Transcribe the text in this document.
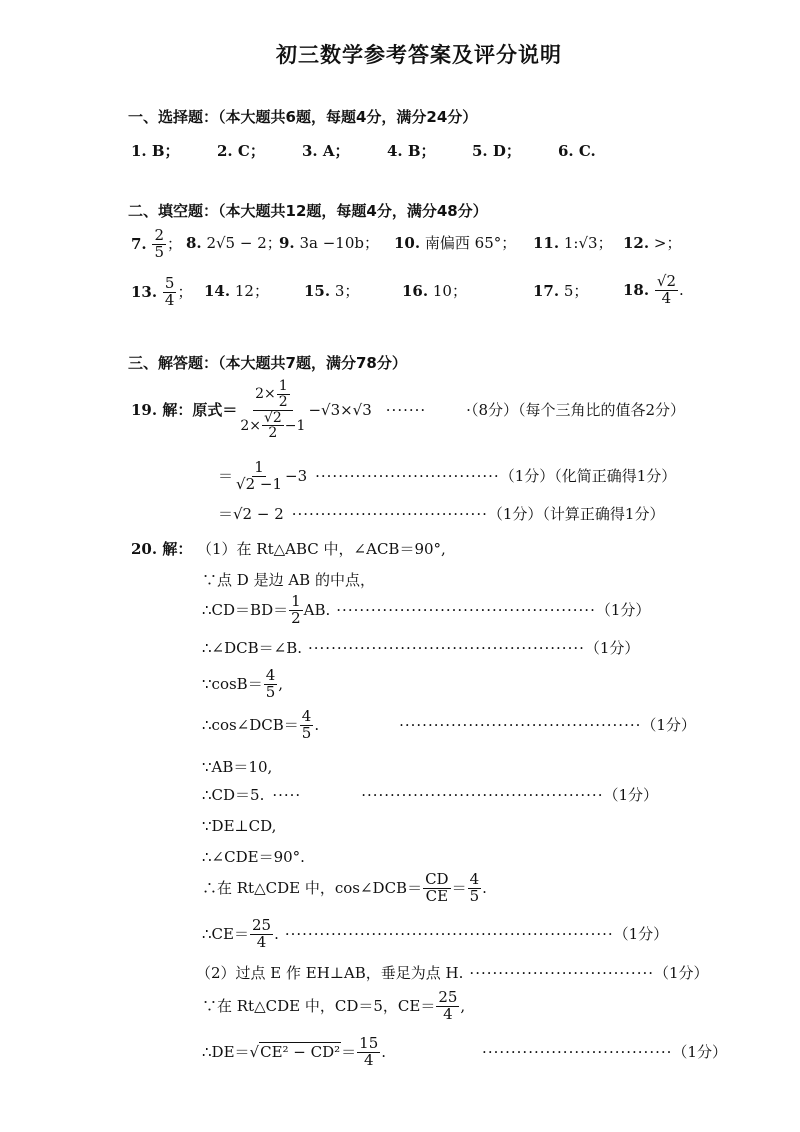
初三数学参考答案及评分说明
一、选择题：（本大题共6题，每题4分，满分24分）
1. B； 2. C； 3. A； 4. B； 5. D； 6. C.
二、填空题：（本大题共12题，每题4分，满分48分）
7.
$\frac{2}{5}$ ； 8. 2√5 − 2；
9. 3a −10b； 10. 南偏西 65°； 11. 1:√3； 12. >；
13.
$\frac{5}{4}$ ； 14. 12； 15. 3；	16. 10；	17. 5； 18.
$\frac{√2}{4}$ .
三、解答题：（本大题共7题，满分78分）
19. 解：原式＝ $\frac{2\times \frac{1}{2}}{2\times \frac{√2}{2} -1} -√3\times√3$ ·······	·（8分）（每个三角比的值各2分）
＝ $\frac{1}{√2 -1} -3$ ································ （1分）（化简正确得1分）
＝√2 − 2 ·································· （1分）（计算正确得1分）
20. 解： （1）在 Rt△ABC 中，∠ACB＝90°,
∵点 D 是边 AB 的中点，
∴CD＝BD＝ $\frac{1}{2}$ AB. ············································· （1分）
∴∠DCB＝∠B. ················································ （1分）
∵cosB＝ $\frac{4}{5}$ ,
∴cos∠DCB＝ $\frac{4}{5}$ .	·········································· （1分）
∵AB＝10,
∴CD＝5. ·····	·········································· （1分）
∵DE⊥CD,
∴∠CDE＝90°.
∴在 Rt△CDE 中，cos∠DCB＝ $\frac{CD}{CE} = \frac{4}{5}$ .
∴CE＝ $\frac{25}{4}$ . ························································· （1分）
（2）过点 E 作 EH⊥AB，垂足为点 H. ································ （1分）
∵在 Rt△CDE 中，CD＝5，$CE= \frac{25}{4}$ ,
∴DE＝ $√CE^2 - CD^2 = \frac{15}{4}$ .	································· （1分）
